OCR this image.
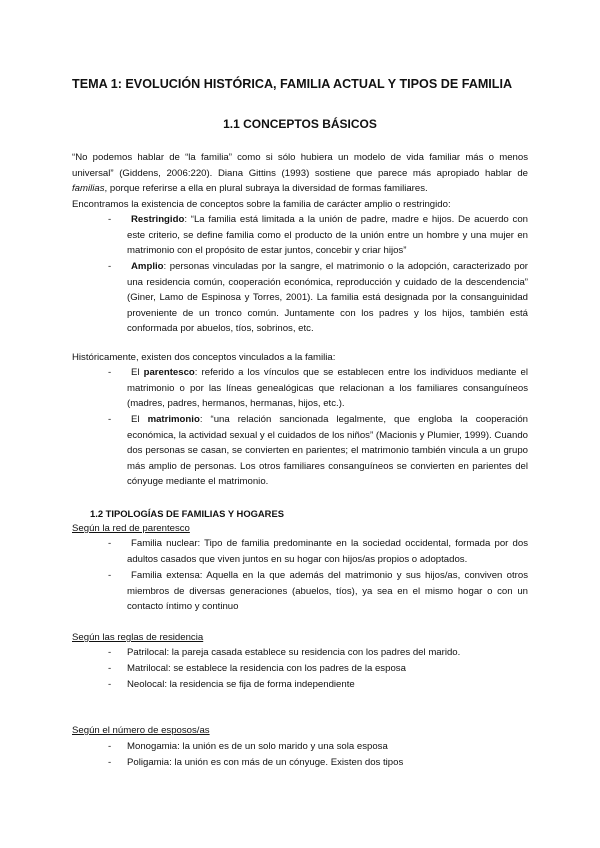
TEMA 1: EVOLUCIÓN HISTÓRICA, FAMILIA ACTUAL Y TIPOS DE FAMILIA
1.1 CONCEPTOS BÁSICOS
“No podemos hablar de “la familia” como si sólo hubiera un modelo de vida familiar más o menos universal” (Giddens, 2006:220). Diana Gittins (1993) sostiene que parece más apropiado hablar de familias, porque referirse a ella en plural subraya la diversidad de formas familiares.
Encontramos la existencia de conceptos sobre la familia de carácter amplio o restringido:
-	Restringido: “La familia está limitada a la unión de padre, madre e hijos. De acuerdo con este criterio, se define familia como el producto de la unión entre un hombre y una mujer en matrimonio con el propósito de estar juntos, concebir y criar hijos”
-	Amplio: personas vinculadas por la sangre, el matrimonio o la adopción, caracterizado por una residencia común, cooperación económica, reproducción y cuidado de la descendencia” (Giner, Lamo de Espinosa y Torres, 2001). La familia está designada por la consanguinidad proveniente de un tronco común. Juntamente con los padres y los hijos, también está conformada por abuelos, tíos, sobrinos, etc.
Históricamente, existen dos conceptos vinculados a la familia:
-	El parentesco: referido a los vínculos que se establecen entre los individuos mediante el matrimonio o por las líneas genealógicas que relacionan a los familiares consanguíneos (madres, padres, hermanos, hermanas, hijos, etc.).
-	El matrimonio: “una relación sancionada legalmente, que engloba la cooperación económica, la actividad sexual y el cuidados de los niños” (Macionis y Plumier, 1999). Cuando dos personas se casan, se convierten en parientes; el matrimonio también vincula a un grupo más amplio de personas. Los otros familiares consanguíneos se convierten en parientes del cónyuge mediante el matrimonio.
1.2 TIPOLOGÍAS DE FAMILIAS Y HOGARES
Según la red de parentesco
-	Familia nuclear: Tipo de familia predominante en la sociedad occidental, formada por dos adultos casados que viven juntos en su hogar con hijos/as propios o adoptados.
-	Familia extensa: Aquella en la que además del matrimonio y sus hijos/as, conviven otros miembros de diversas generaciones (abuelos, tíos), ya sea en el mismo hogar o con un contacto íntimo y continuo
Según las reglas de residencia
- Patrilocal: la pareja casada establece su residencia con los padres del marido.
- Matrilocal: se establece la residencia con los padres de la esposa
- Neolocal: la residencia se fija de forma independiente
Según el número de esposos/as
- Monogamia: la unión es de un solo marido y una sola esposa
- Poligamia: la unión es con más de un cónyuge. Existen dos tipos
